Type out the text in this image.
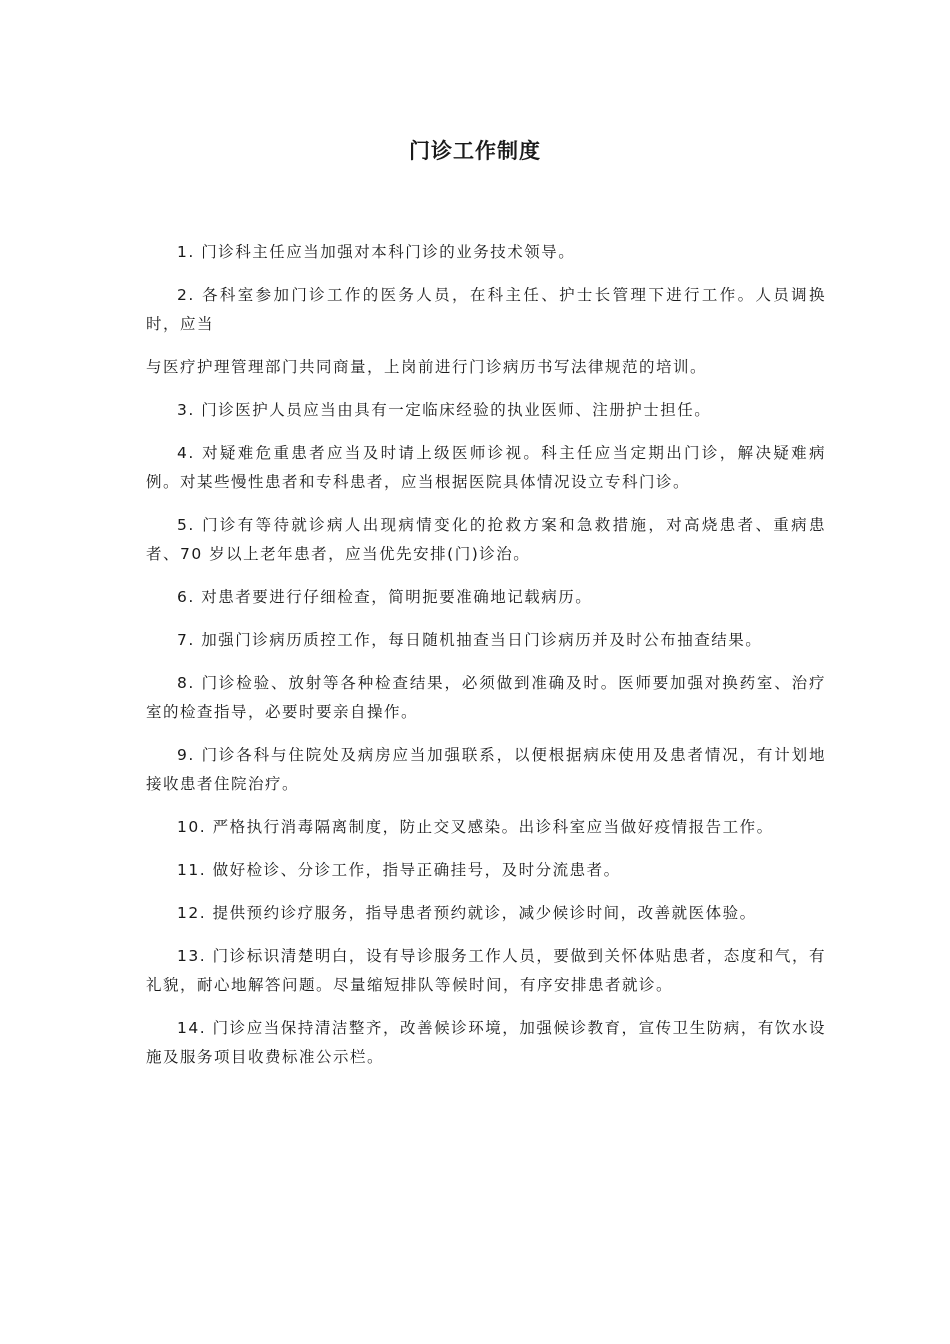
门诊工作制度

1. 门诊科主任应当加强对本科门诊的业务技术领导。

2. 各科室参加门诊工作的医务人员，在科主任、护士长管理下进行工作。人员调换时，应当

与医疗护理管理部门共同商量，上岗前进行门诊病历书写法律规范的培训。

3. 门诊医护人员应当由具有一定临床经验的执业医师、注册护士担任。

4. 对疑难危重患者应当及时请上级医师诊视。科主任应当定期出门诊，解决疑难病例。对某些慢性患者和专科患者，应当根据医院具体情况设立专科门诊。

5. 门诊有等待就诊病人出现病情变化的抢救方案和急救措施，对高烧患者、重病患者、70 岁以上老年患者，应当优先安排(门)诊治。

6. 对患者要进行仔细检查，简明扼要准确地记载病历。

7. 加强门诊病历质控工作，每日随机抽查当日门诊病历并及时公布抽查结果。

8. 门诊检验、放射等各种检查结果，必须做到准确及时。医师要加强对换药室、治疗室的检查指导，必要时要亲自操作。

9. 门诊各科与住院处及病房应当加强联系，以便根据病床使用及患者情况，有计划地接收患者住院治疗。

10. 严格执行消毒隔离制度，防止交叉感染。出诊科室应当做好疫情报告工作。

11. 做好检诊、分诊工作，指导正确挂号，及时分流患者。

12. 提供预约诊疗服务，指导患者预约就诊，减少候诊时间，改善就医体验。

13. 门诊标识清楚明白，设有导诊服务工作人员，要做到关怀体贴患者，态度和气，有礼貌，耐心地解答问题。尽量缩短排队等候时间，有序安排患者就诊。

14. 门诊应当保持清洁整齐，改善候诊环境，加强候诊教育，宣传卫生防病，有饮水设施及服务项目收费标准公示栏。
